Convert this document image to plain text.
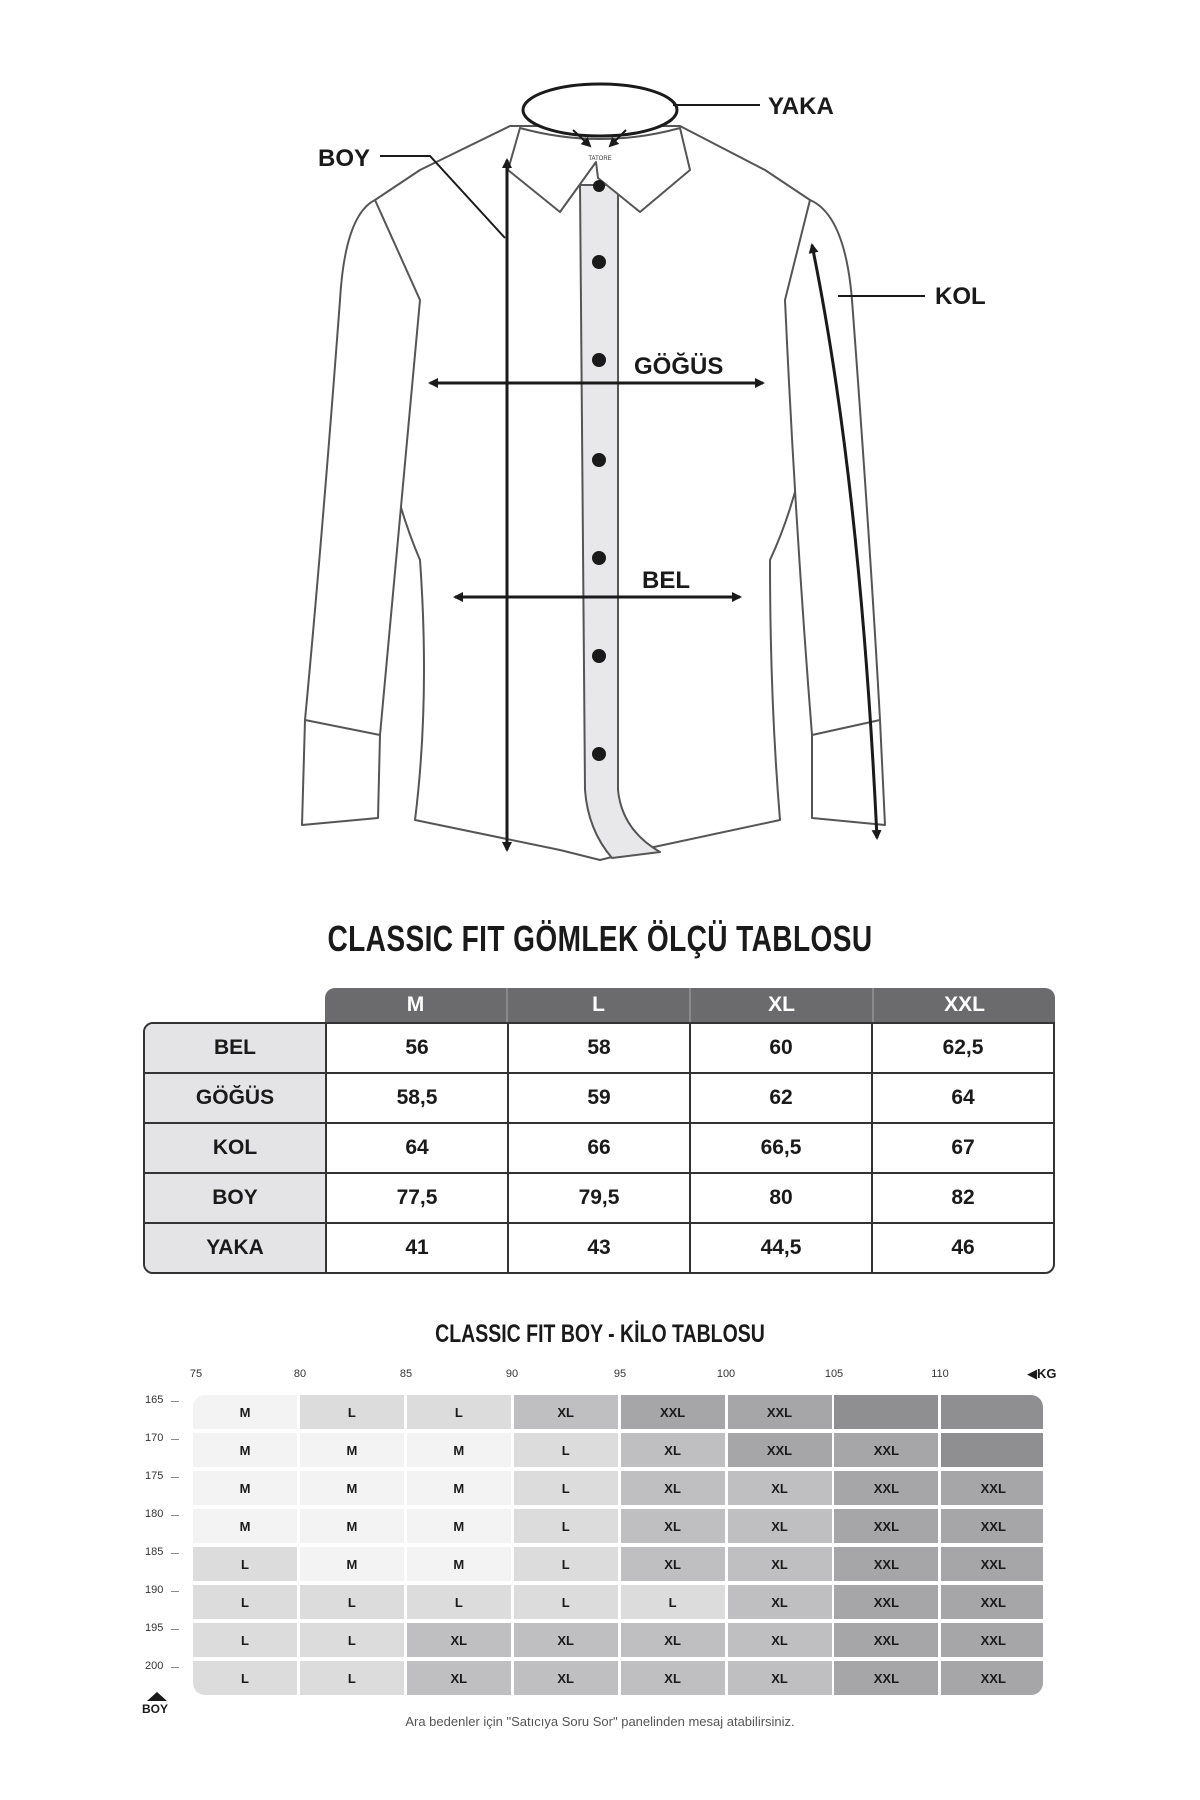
TATORE
YAKA
BOY
KOL
GÖĞÜS
BEL
CLASSIC FIT GÖMLEK ÖLÇÜ TABLOSU
M	L	XL	XXL
BEL	56	58	60	62,5
GÖĞÜS	58,5	59	62	64
KOL	64	66	66,5	67
BOY	77,5	79,5	80	82
YAKA	41	43	44,5	46
CLASSIC FIT BOY - KİLO TABLOSU
75	80	85	90	95	100	105	110	◀KG
165
170
175
180
185
190
195
200
BOY
M	L	L	XL	XXL	XXL
M	M	M	L	XL	XXL	XXL
M	M	M	L	XL	XL	XXL	XXL
M	M	M	L	XL	XL	XXL	XXL
L	M	M	L	XL	XL	XXL	XXL
L	L	L	L	L	XL	XXL	XXL
L	L	XL	XL	XL	XL	XXL	XXL
L	L	XL	XL	XL	XL	XXL	XXL
Ara bedenler için "Satıcıya Soru Sor" panelinden mesaj atabilirsiniz.
